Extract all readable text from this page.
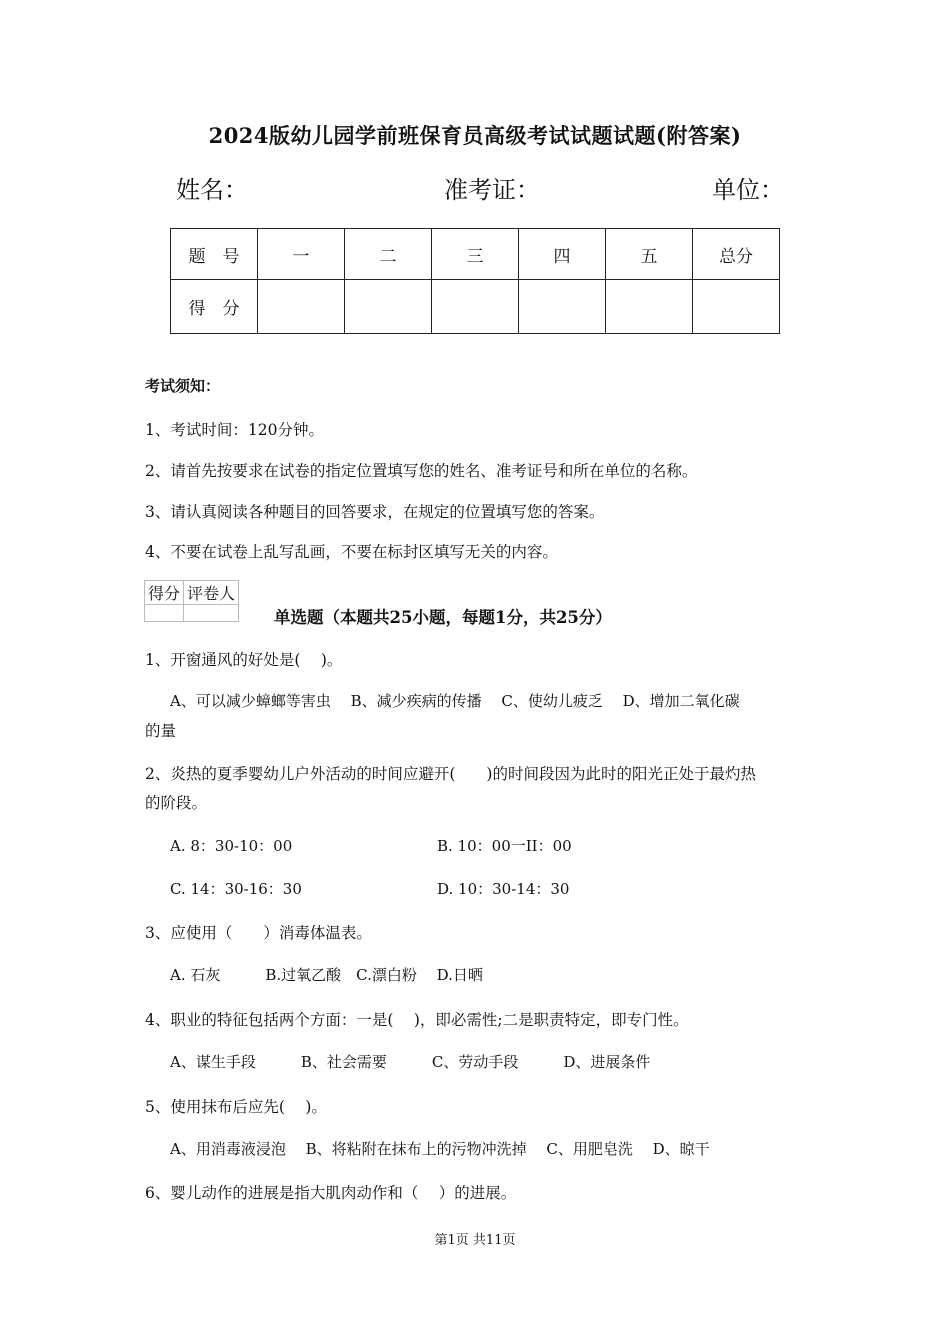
2024版幼儿园学前班保育员高级考试试题试题(附答案)
姓名：	准考证：	单位：
题　号	一	二	三	四	五	总分
得　分						
考试须知：
1、考试时间：120分钟。
2、请首先按要求在试卷的指定位置填写您的姓名、准考证号和所在单位的名称。
3、请认真阅读各种题目的回答要求，在规定的位置填写您的答案。
4、不要在试卷上乱写乱画，不要在标封区填写无关的内容。
得分	评卷人

单选题（本题共25小题，每题1分，共25分）
1、开窗通风的好处是(　 )。
A、可以减少蟑螂等害虫　 B、减少疾病的传播　 C、使幼儿疲乏　 D、增加二氧化碳
的量
2、炎热的夏季婴幼儿户外活动的时间应避开(　　)的时间段因为此时的阳光正处于最灼热
的阶段。
A. 8：30-10：00	B. 10：00一II：00
C. 14：30-16：30	D. 10：30-14：30
3、应使用（　　）消毒体温表。
A. 石灰　　　B.过氧乙酸　C.漂白粉　 D.日晒
4、职业的特征包括两个方面：一是(　 )，即必需性;二是职责特定，即专门性。
A、谋生手段　　　B、社会需要　　　C、劳动手段　　　D、进展条件
5、使用抹布后应先(　 )。
A、用消毒液浸泡　 B、将粘附在抹布上的污物冲洗掉　 C、用肥皂洗　 D、晾干
6、婴儿动作的进展是指大肌肉动作和（　 ）的进展。
第1页 共11页
